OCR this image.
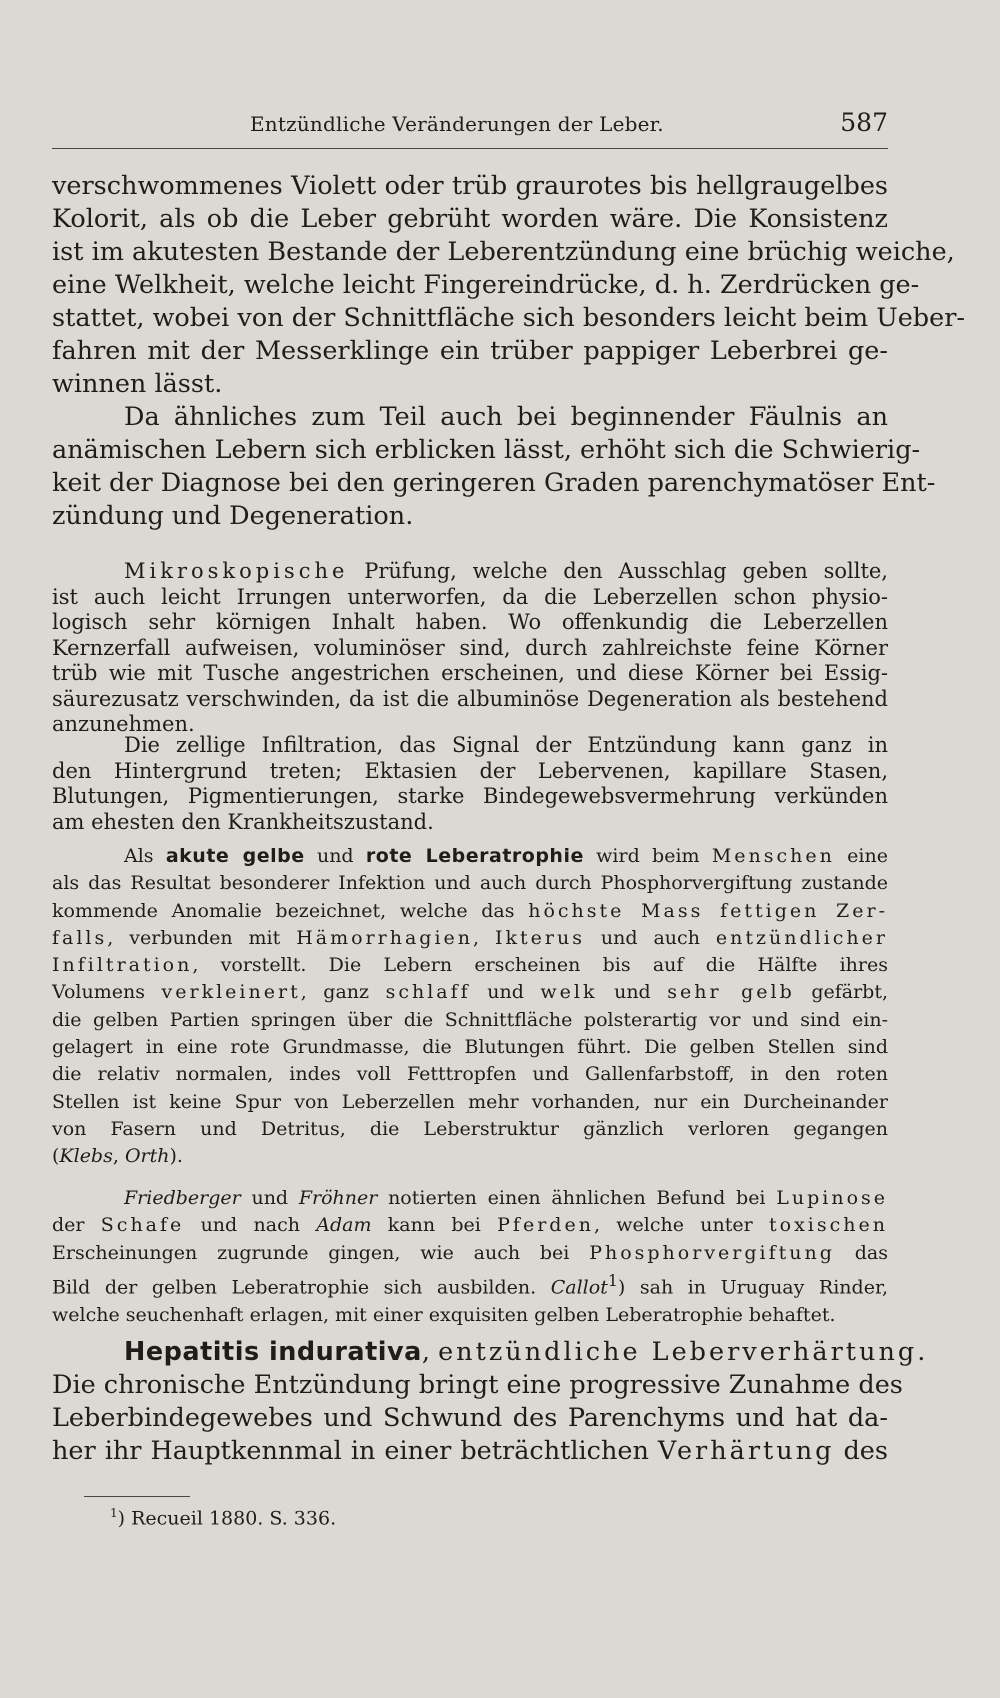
Entzündliche Veränderungen der Leber.	587
verschwommenes Violett oder trüb graurotes bis hellgraugelbes
Kolorit, als ob die Leber gebrüht worden wäre. Die Konsistenz
ist im akutesten Bestande der Leberentzündung eine brüchig weiche,
eine Welkheit, welche leicht Fingereindrücke, d. h. Zerdrücken ge-
stattet, wobei von der Schnittfläche sich besonders leicht beim Ueber-
fahren mit der Messerklinge ein trüber pappiger Leberbrei ge-
winnen lässt.
Da ähnliches zum Teil auch bei beginnender Fäulnis an
anämischen Lebern sich erblicken lässt, erhöht sich die Schwierig-
keit der Diagnose bei den geringeren Graden parenchymatöser Ent-
zündung und Degeneration.
Mikroskopische Prüfung, welche den Ausschlag geben sollte,
ist auch leicht Irrungen unterworfen, da die Leberzellen schon physio-
logisch sehr körnigen Inhalt haben. Wo offenkundig die Leberzellen
Kernzerfall aufweisen, voluminöser sind, durch zahlreichste feine Körner
trüb wie mit Tusche angestrichen erscheinen, und diese Körner bei Essig-
säurezusatz verschwinden, da ist die albuminöse Degeneration als bestehend
anzunehmen.
Die zellige Infiltration, das Signal der Entzündung kann ganz in
den Hintergrund treten; Ektasien der Lebervenen, kapillare Stasen,
Blutungen, Pigmentierungen, starke Bindegewebsvermehrung verkünden
am ehesten den Krankheitszustand.
Als akute gelbe und rote Leberatrophie wird beim Menschen eine
als das Resultat besonderer Infektion und auch durch Phosphorvergiftung zustande
kommende Anomalie bezeichnet, welche das höchste Mass fettigen Zer-
falls, verbunden mit Hämorrhagien, Ikterus und auch entzündlicher
Infiltration, vorstellt. Die Lebern erscheinen bis auf die Hälfte ihres
Volumens verkleinert, ganz schlaff und welk und sehr gelb gefärbt,
die gelben Partien springen über die Schnittfläche polsterartig vor und sind ein-
gelagert in eine rote Grundmasse, die Blutungen führt. Die gelben Stellen sind
die relativ normalen, indes voll Fetttropfen und Gallenfarbstoff, in den roten
Stellen ist keine Spur von Leberzellen mehr vorhanden, nur ein Durcheinander
von Fasern und Detritus, die Leberstruktur gänzlich verloren gegangen
(Klebs, Orth).
Friedberger und Fröhner notierten einen ähnlichen Befund bei Lupinose
der Schafe und nach Adam kann bei Pferden, welche unter toxischen
Erscheinungen zugrunde gingen, wie auch bei Phosphorvergiftung das
Bild der gelben Leberatrophie sich ausbilden. Callot$^1$) sah in Uruguay Rinder,
welche seuchenhaft erlagen, mit einer exquisiten gelben Leberatrophie behaftet.
Hepatitis indurativa, entzündliche Leberverhärtung.
Die chronische Entzündung bringt eine progressive Zunahme des
Leberbindegewebes und Schwund des Parenchyms und hat da-
her ihr Hauptkennmal in einer beträchtlichen Verhärtung des
$^1$) Recueil 1880. S. 336.
